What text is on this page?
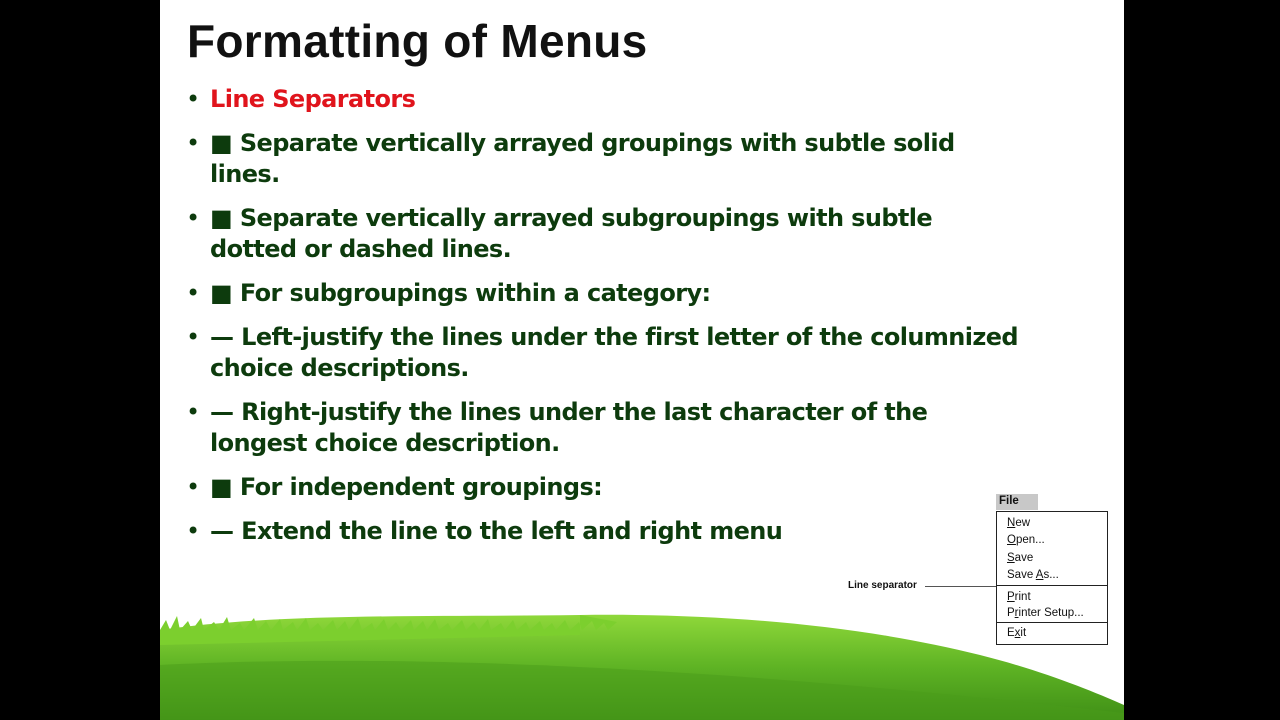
Formatting of Menus
• Line Separators
• ■ Separate vertically arrayed groupings with subtle solid lines.
• ■ Separate vertically arrayed subgroupings with subtle dotted or dashed lines.
• ■ For subgroupings within a category:
• — Left-justify the lines under the first letter of the columnized choice descriptions.
• — Right-justify the lines under the last character of the longest choice description.
• ■ For independent groupings:
• — Extend the line to the left and right menu
Line separator
File
New
Open...
Save
Save As...
Print
Printer Setup...
Exit
